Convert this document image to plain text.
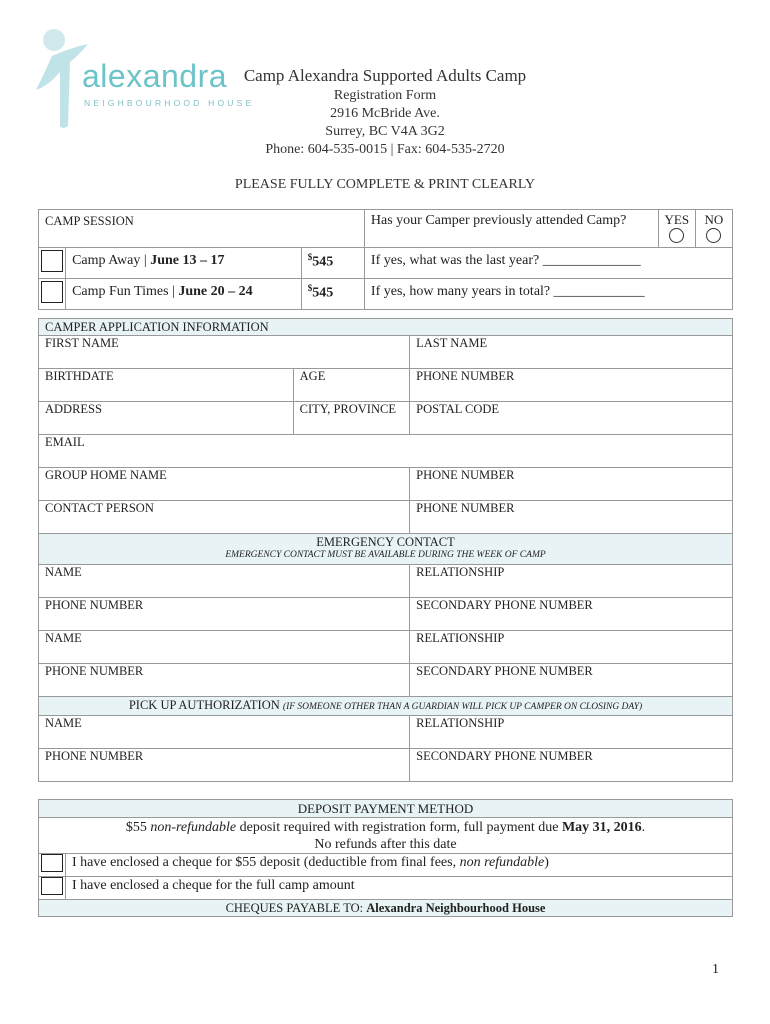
alexandra
NEIGHBOURHOOD HOUSE
Camp Alexandra Supported Adults Camp
Registration Form
2916 McBride Ave.
Surrey, BC V4A 3G2
Phone: 604-535-0015 | Fax: 604-535-2720
PLEASE FULLY COMPLETE & PRINT CLEARLY
CAMP SESSION			Has your Camper previously attended Camp?	YES	NO

	Camp Away | June 13 – 17	$545	If yes, what was the last year? ______________		
	Camp Fun Times | June 20 – 24	$545	If yes, how many years in total? _____________		
CAMPER APPLICATION INFORMATION		
FIRST NAME		LAST NAME
BIRTHDATE	AGE	PHONE NUMBER
ADDRESS	CITY, PROVINCE	POSTAL CODE
EMAIL		
GROUP HOME NAME		PHONE NUMBER
CONTACT PERSON		PHONE NUMBER

EMERGENCY CONTACT
EMERGENCY CONTACT MUST BE AVAILABLE DURING THE WEEK OF CAMP		

NAME		RELATIONSHIP
PHONE NUMBER		SECONDARY PHONE NUMBER
NAME		RELATIONSHIP
PHONE NUMBER		SECONDARY PHONE NUMBER
PICK UP AUTHORIZATION (IF SOMEONE OTHER THAN A GUARDIAN WILL PICK UP CAMPER ON CLOSING DAY)		
NAME		RELATIONSHIP
PHONE NUMBER		SECONDARY PHONE NUMBER
DEPOSIT PAYMENT METHOD	

$55 non-refundable deposit required with registration form, full payment due May 31, 2016.
No refunds after this date	

	I have enclosed a cheque for $55 deposit (deductible from final fees, non refundable)
	I have enclosed a cheque for the full camp amount
CHEQUES PAYABLE TO: Alexandra Neighbourhood House	
1
